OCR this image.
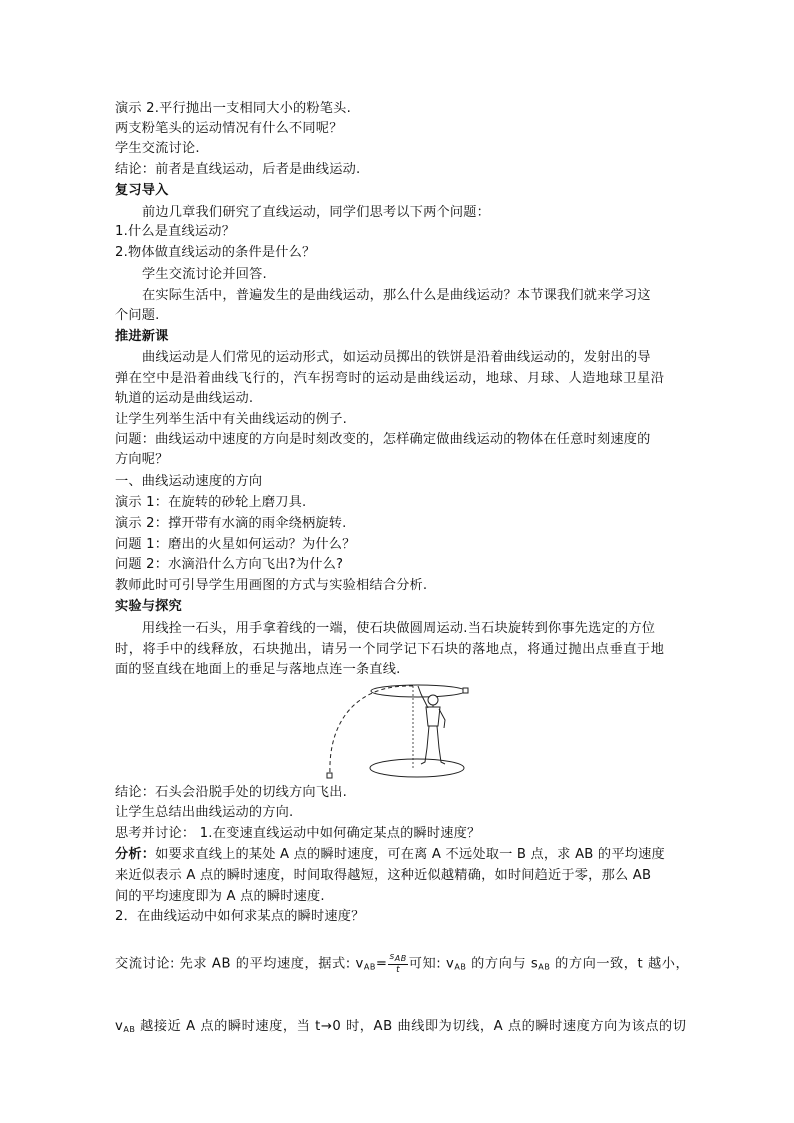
演示 2.平行抛出一支相同大小的粉笔头.
两支粉笔头的运动情况有什么不同呢？
学生交流讨论.
结论：前者是直线运动，后者是曲线运动.
复习导入
前边几章我们研究了直线运动，同学们思考以下两个问题：
1.什么是直线运动？
2.物体做直线运动的条件是什么？
学生交流讨论并回答.
在实际生活中，普遍发生的是曲线运动，那么什么是曲线运动？本节课我们就来学习这
个问题.
推进新课
曲线运动是人们常见的运动形式，如运动员掷出的铁饼是沿着曲线运动的，发射出的导
弹在空中是沿着曲线飞行的，汽车拐弯时的运动是曲线运动，地球、月球、人造地球卫星沿
轨道的运动是曲线运动.
让学生列举生活中有关曲线运动的例子.
问题：曲线运动中速度的方向是时刻改变的，怎样确定做曲线运动的物体在任意时刻速度的
方向呢？
一、曲线运动速度的方向
演示 1：在旋转的砂轮上磨刀具.
演示 2：撑开带有水滴的雨伞绕柄旋转.
问题 1：磨出的火星如何运动？为什么？
问题 2：水滴沿什么方向飞出?为什么?
教师此时可引导学生用画图的方式与实验相结合分析.
实验与探究
用线拴一石头，用手拿着线的一端，使石块做圆周运动.当石块旋转到你事先选定的方位
时，将手中的线释放，石块抛出，请另一个同学记下石块的落地点，将通过抛出点垂直于地
面的竖直线在地面上的垂足与落地点连一条直线.
结论：石头会沿脱手处的切线方向飞出.
让学生总结出曲线运动的方向.
思考并讨论： 1.在变速直线运动中如何确定某点的瞬时速度？
分析：如要求直线上的某处 A 点的瞬时速度，可在离 A 不远处取一 B 点，求 AB 的平均速度
来近似表示 A 点的瞬时速度，时间取得越短，这种近似越精确，如时间趋近于零，那么 AB
间的平均速度即为 A 点的瞬时速度.
2．在曲线运动中如何求某点的瞬时速度？
交流讨论: 先求 AB 的平均速度，据式: $v_{AB}= \frac{s_{AB}}{t}$ 可知: $v_{AB}$ 的方向与 $s_{AB}$ 的方向一致，t 越小，
$v_{AB}$ 越接近 A 点的瞬时速度，当 t→0 时，AB 曲线即为切线，A 点的瞬时速度方向为该点的切
